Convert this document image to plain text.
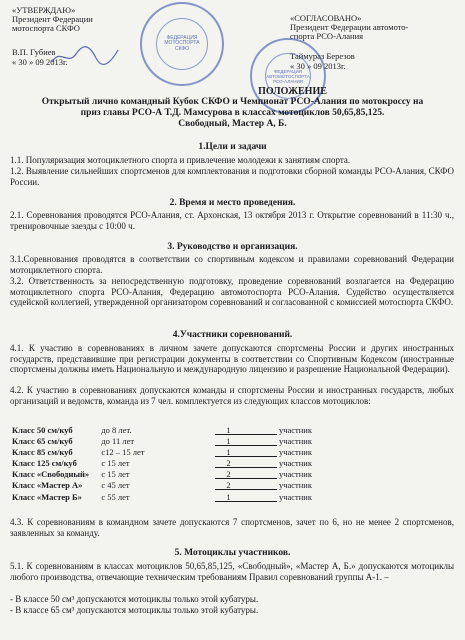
«УТВЕРЖДАЮ»
Президент Федерации
мотоспорта СКФО
В.П. Губиев
« 30 » 09 2013г.
«СОГЛАСОВАНО»
Президент Федерации автомото-
спорта РСО-Алания
Таймураз Березов
« 30 » 09 2013г.
ФЕДЕРАЦИЯ МОТОСПОРТА СКФО
ФЕДЕРАЦИЯ АВТОМОТОСПОРТА РСО-АЛАНИЯ
ПОЛОЖЕНИЕ
Открытый лично командный Кубок СКФО и Чемпионат РСО-Алания по мотокроссу на
приз главы РСО-А Т.Д. Мамсурова в классах мотоциклов 50,65,85,125.
Свободный, Мастер А, Б.
1.Цели и задачи
1.1. Популяризация мотоциклетного спорта и привлечение молодежи к занятиям спорта.
1.2. Выявление сильнейших спортсменов для комплектования и подготовки сборной команды РСО-Алания, СКФО России.
2. Время и место проведения.
2.1. Соревнования проводятся РСО-Алания, ст. Архонская, 13 октября 2013 г. Открытие соревнований в 11:30 ч., тренировочные заезды с 10:00 ч.
3. Руководство и организация.
3.1.Соревнования проводятся в соответствии со спортивным кодексом и правилами соревнований Федерации мотоциклетного спорта.
3.2. Ответственность за непосредственную подготовку, проведение соревнований возлагается на Федерацию мотоциклетного спорта РСО-Алания, Федерацию автомотоспорта РСО-Алания. Судейство осуществляется судейской коллегией, утвержденной организатором соревнований и согласованной с комиссией мотоспорта СКФО.
4.Участники соревнований.
4.1. К участию в соревнованиях в личном зачете допускаются спортсмены России и других иностранных государств, представившие при регистрации документы в соответствии со Спортивным Кодексом (иностранные спортсмены должны иметь Национальную и международную лицензию и разрешение Национальной Федерации).
4.2. К участию в соревнованиях допускаются команды и спортсмены России и иностранных государств, любых организаций и ведомств, команда из 7 чел. комплектуется из следующих классов мотоциклов:
Класс 50 см/куб	до 8 лет.	1	участник
Класс 65 см/куб	до 11 лет	1	участник
Класс 85 см/куб	с12 – 15 лет	1	участник
Класс 125 см/куб	с 15 лет	2	участник
Класс «Свободный»	с 15 лет	2	участник
Класс «Мастер А»	с 45 лет	2	участник
Класс «Мастер Б»	с 55 лет	1	участник
4.3. К соревнованиям в командном зачете допускаются 7 спортсменов, зачет по 6, но не менее 2 спортсменов, заявленных за команду.
5. Мотоциклы участников.
5.1. К соревнованиям в классах мотоциклов 50,65,85,125, «Свободный», «Мастер А, Б.» допускаются мотоциклы любого производства, отвечающие техническим требованиям Правил соревнований группы А-1. –
- В классе 50 см³ допускаются мотоциклы только этой кубатуры.
- В классе 65 см³ допускаются мотоциклы только этой кубатуры.
